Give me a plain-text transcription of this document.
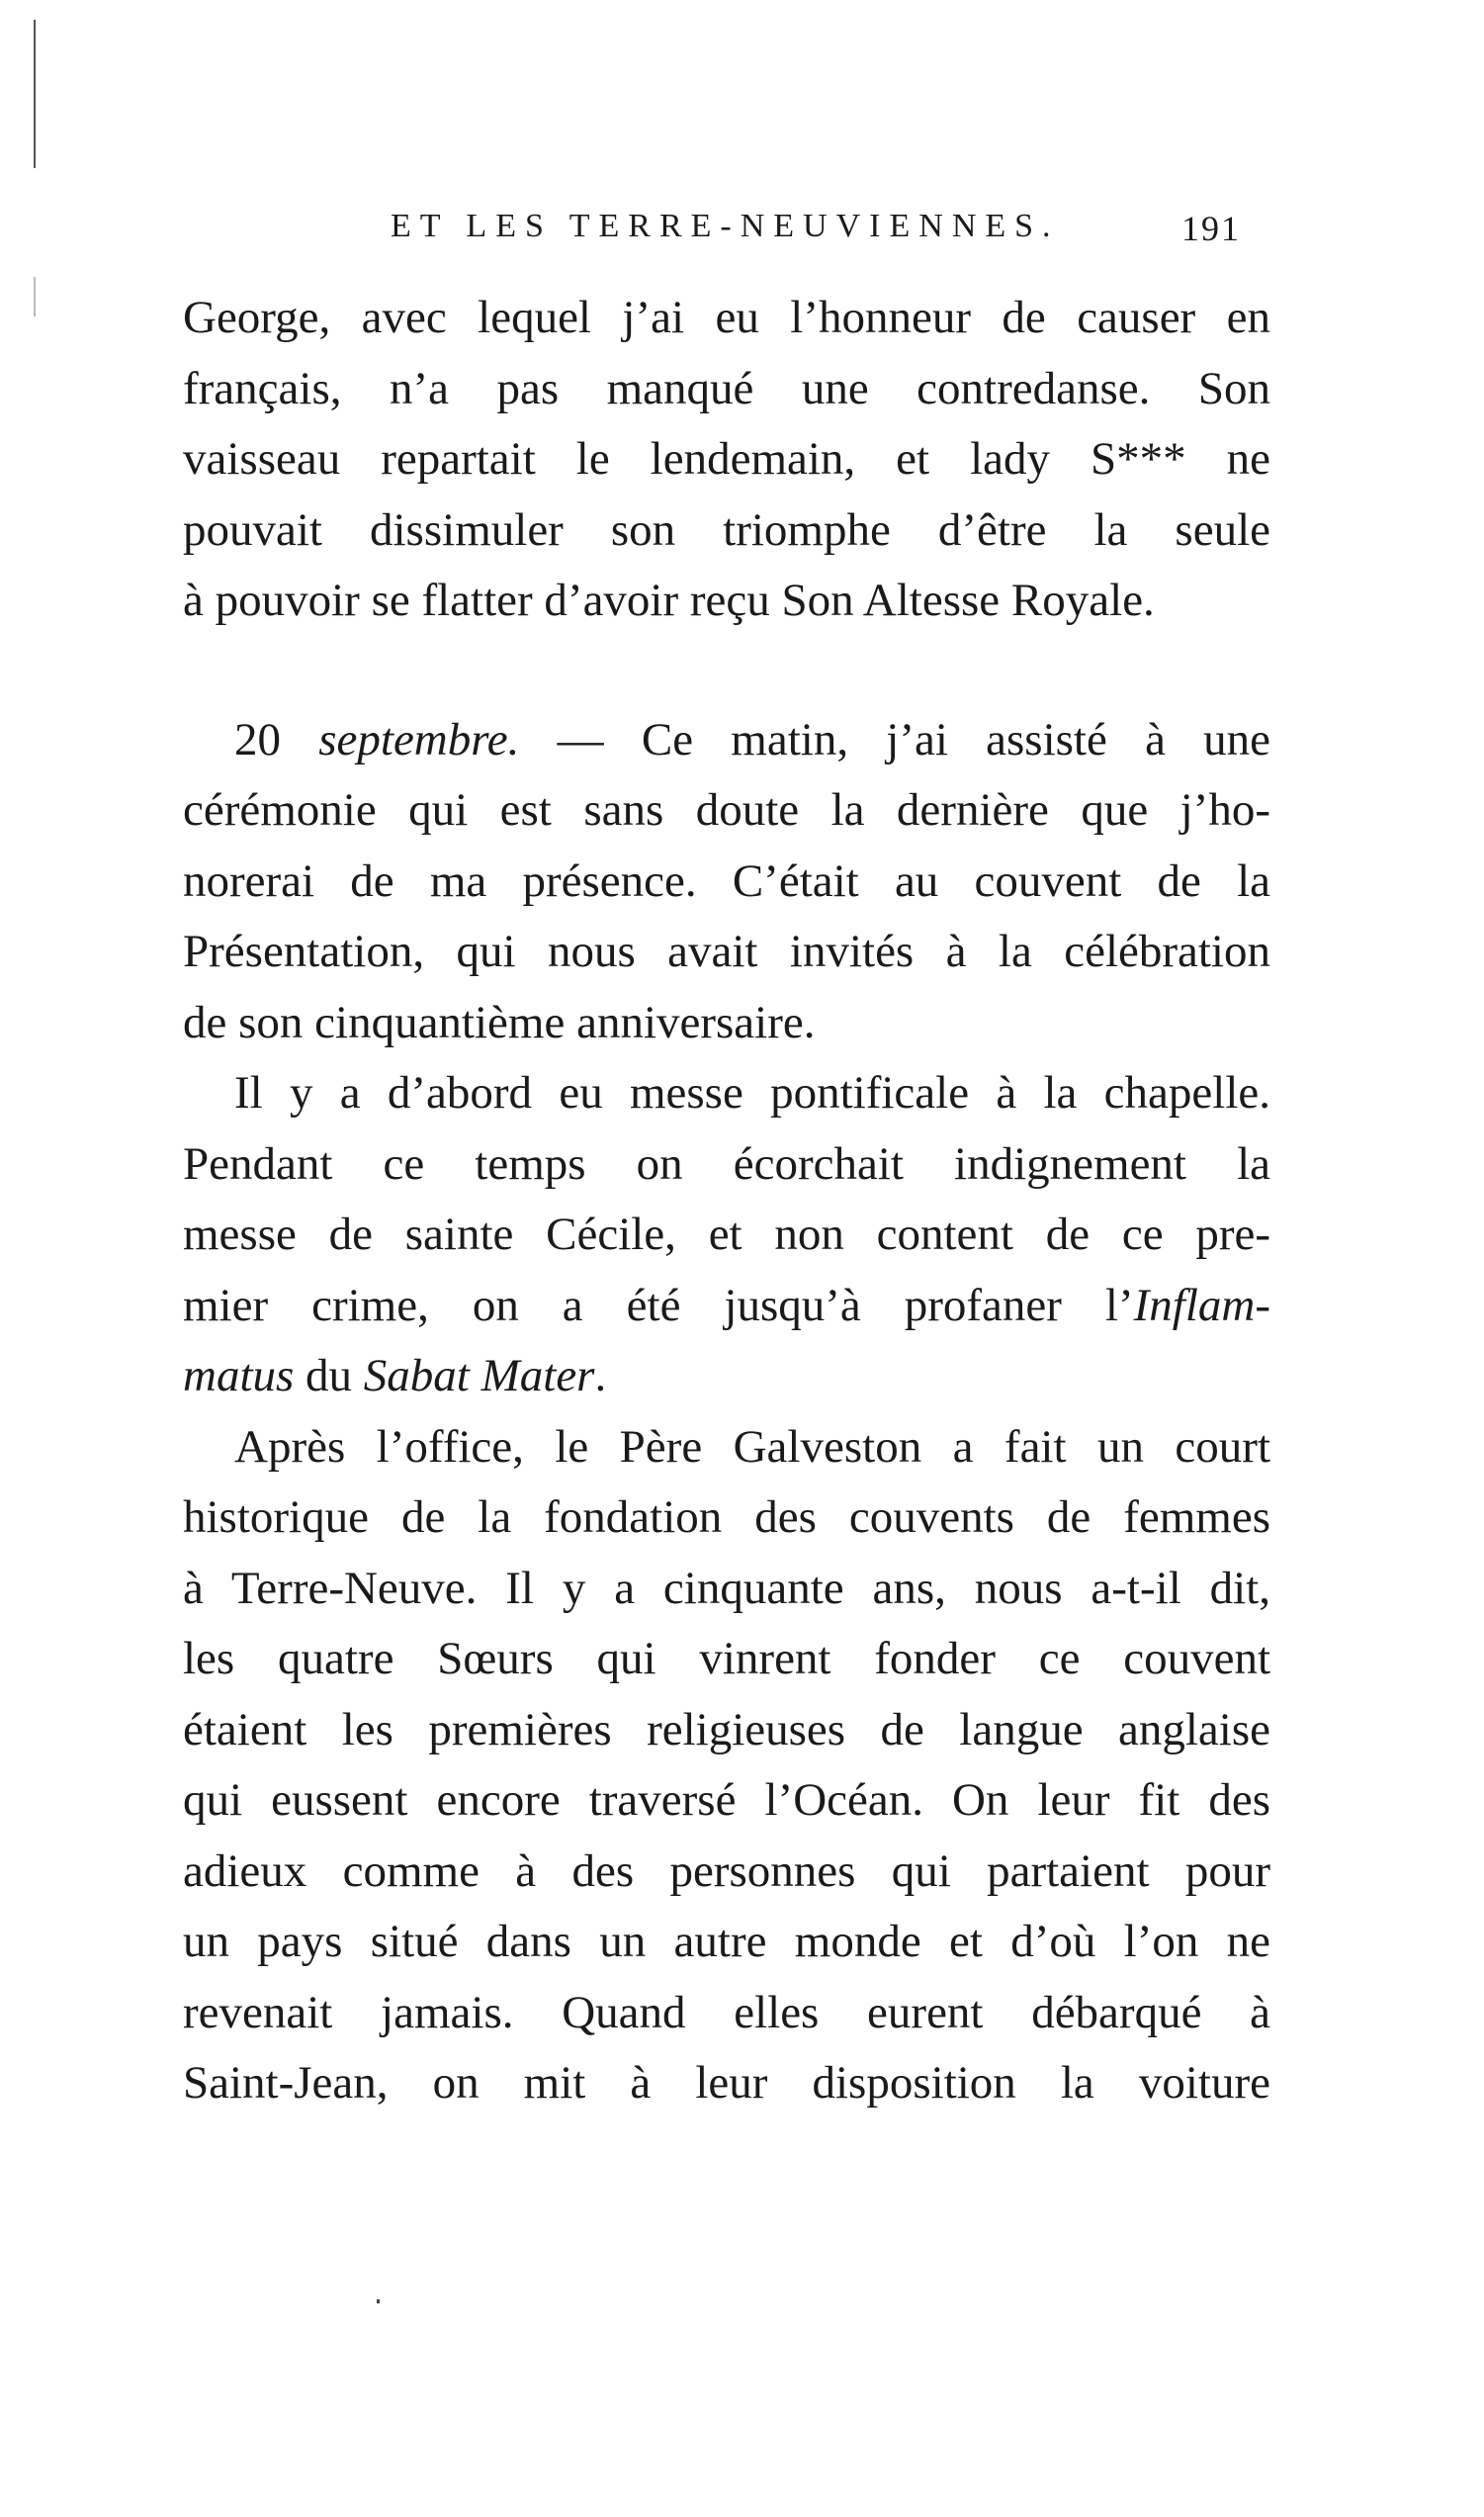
ET LES TERRE-NEUVIENNES.	191
George, avec lequel j’ai eu l’honneur de causer en
français, n’a pas manqué une contredanse. Son
vaisseau repartait le lendemain, et lady S*** ne
pouvait dissimuler son triomphe d’être la seule
à pouvoir se flatter d’avoir reçu Son Altesse Royale.
20 septembre. — Ce matin, j’ai assisté à une
cérémonie qui est sans doute la dernière que j’ho-
norerai de ma présence. C’était au couvent de la
Présentation, qui nous avait invités à la célébration
de son cinquantième anniversaire.
Il y a d’abord eu messe pontificale à la chapelle.
Pendant ce temps on écorchait indignement la
messe de sainte Cécile, et non content de ce pre-
mier crime, on a été jusqu’à profaner l’Inflam-
matus du Sabat Mater.
Après l’office, le Père Galveston a fait un court
historique de la fondation des couvents de femmes
à Terre-Neuve. Il y a cinquante ans, nous a-t-il dit,
les quatre Sœurs qui vinrent fonder ce couvent
étaient les premières religieuses de langue anglaise
qui eussent encore traversé l’Océan. On leur fit des
adieux comme à des personnes qui partaient pour
un pays situé dans un autre monde et d’où l’on ne
revenait jamais. Quand elles eurent débarqué à
Saint-Jean, on mit à leur disposition la voiture
